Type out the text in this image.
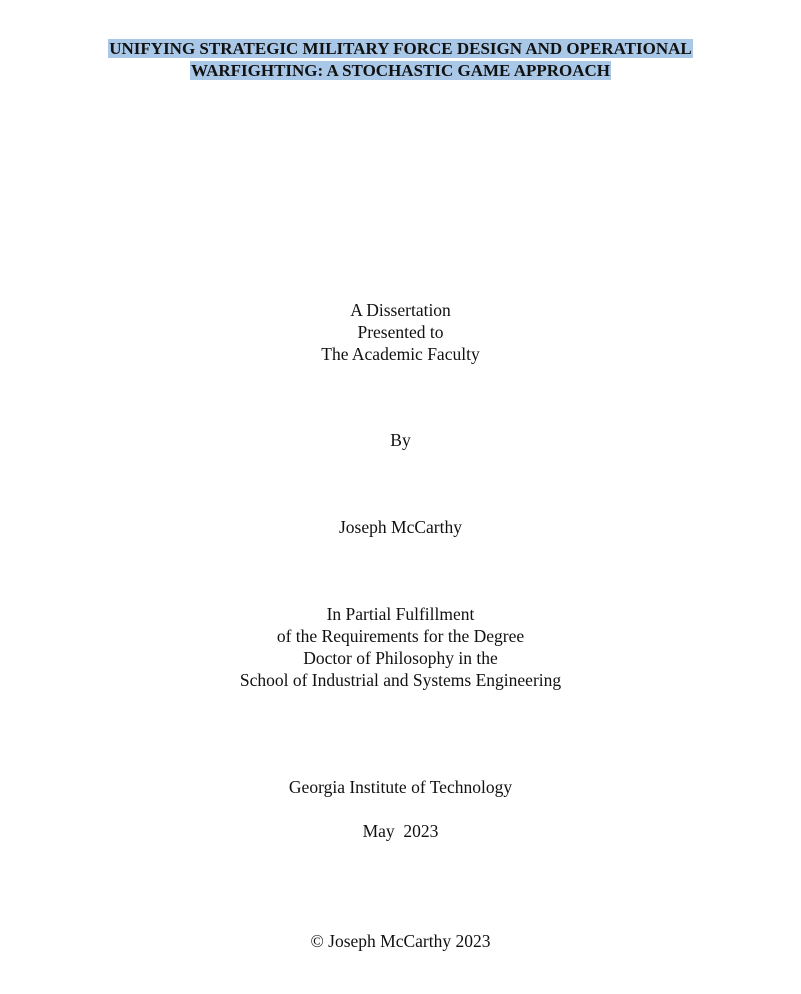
UNIFYING STRATEGIC MILITARY FORCE DESIGN AND OPERATIONAL
WARFIGHTING: A STOCHASTIC GAME APPROACH
A Dissertation
Presented to
The Academic Faculty
By
Joseph McCarthy
In Partial Fulfillment
of the Requirements for the Degree
Doctor of Philosophy in the
School of Industrial and Systems Engineering
Georgia Institute of Technology
May  2023
© Joseph McCarthy 2023
